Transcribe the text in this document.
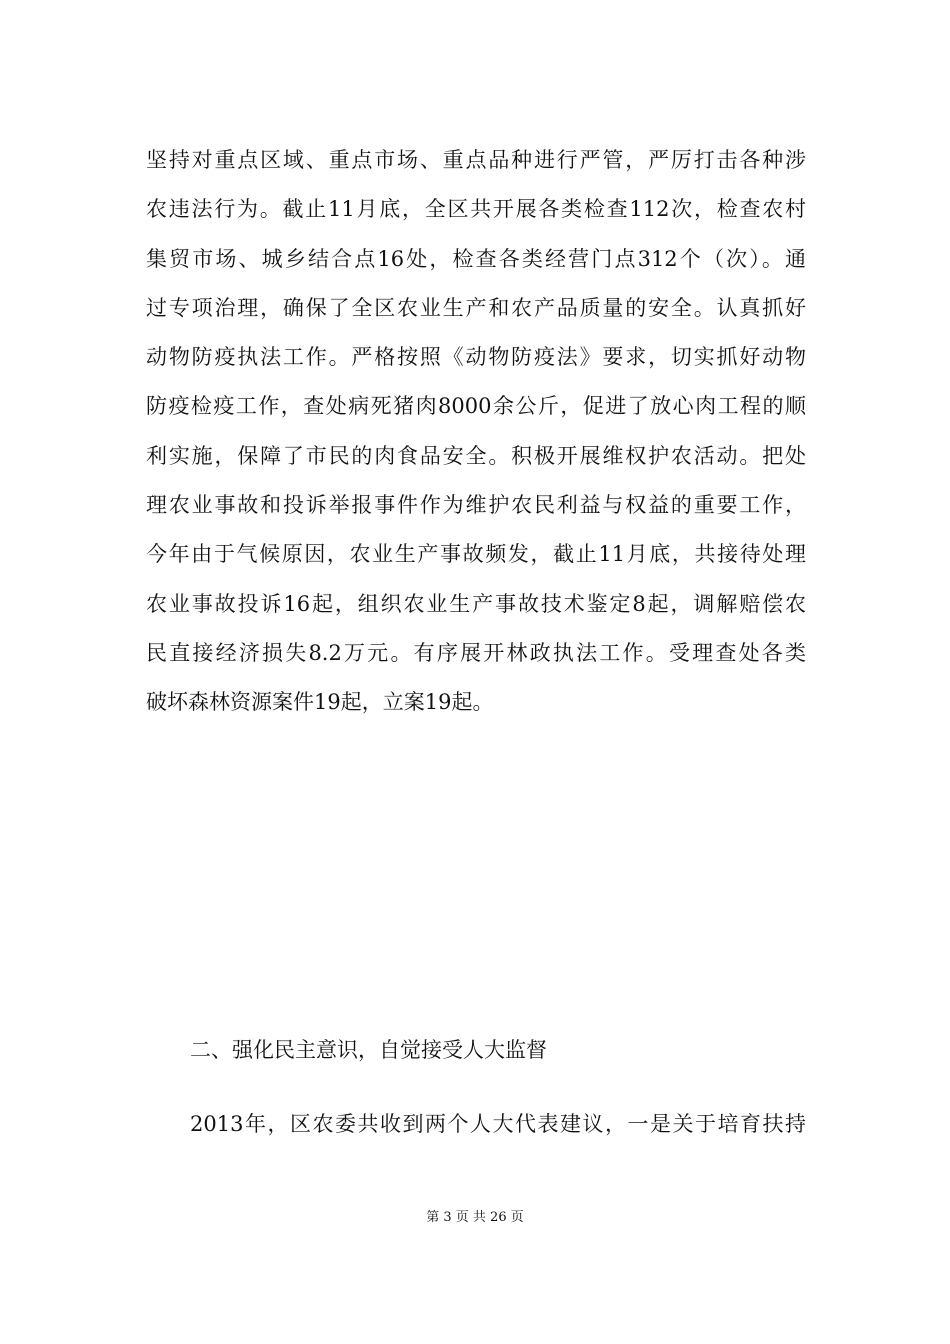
坚持对重点区域、重点市场、重点品种进行严管，严厉打击各种涉
农违法行为。截止11月底，全区共开展各类检查112次，检查农村
集贸市场、城乡结合点16处，检查各类经营门点312个（次）。通
过专项治理，确保了全区农业生产和农产品质量的安全。认真抓好
动物防疫执法工作。严格按照《动物防疫法》要求，切实抓好动物
防疫检疫工作，查处病死猪肉8000余公斤，促进了放心肉工程的顺
利实施，保障了市民的肉食品安全。积极开展维权护农活动。把处
理农业事故和投诉举报事件作为维护农民利益与权益的重要工作，
今年由于气候原因，农业生产事故频发，截止11月底，共接待处理
农业事故投诉16起，组织农业生产事故技术鉴定8起，调解赔偿农
民直接经济损失8.2万元。有序展开林政执法工作。受理查处各类
破坏森林资源案件19起，立案19起。
二、强化民主意识，自觉接受人大监督
2013年，区农委共收到两个人大代表建议，一是关于培育扶持
第 3 页 共 26 页
